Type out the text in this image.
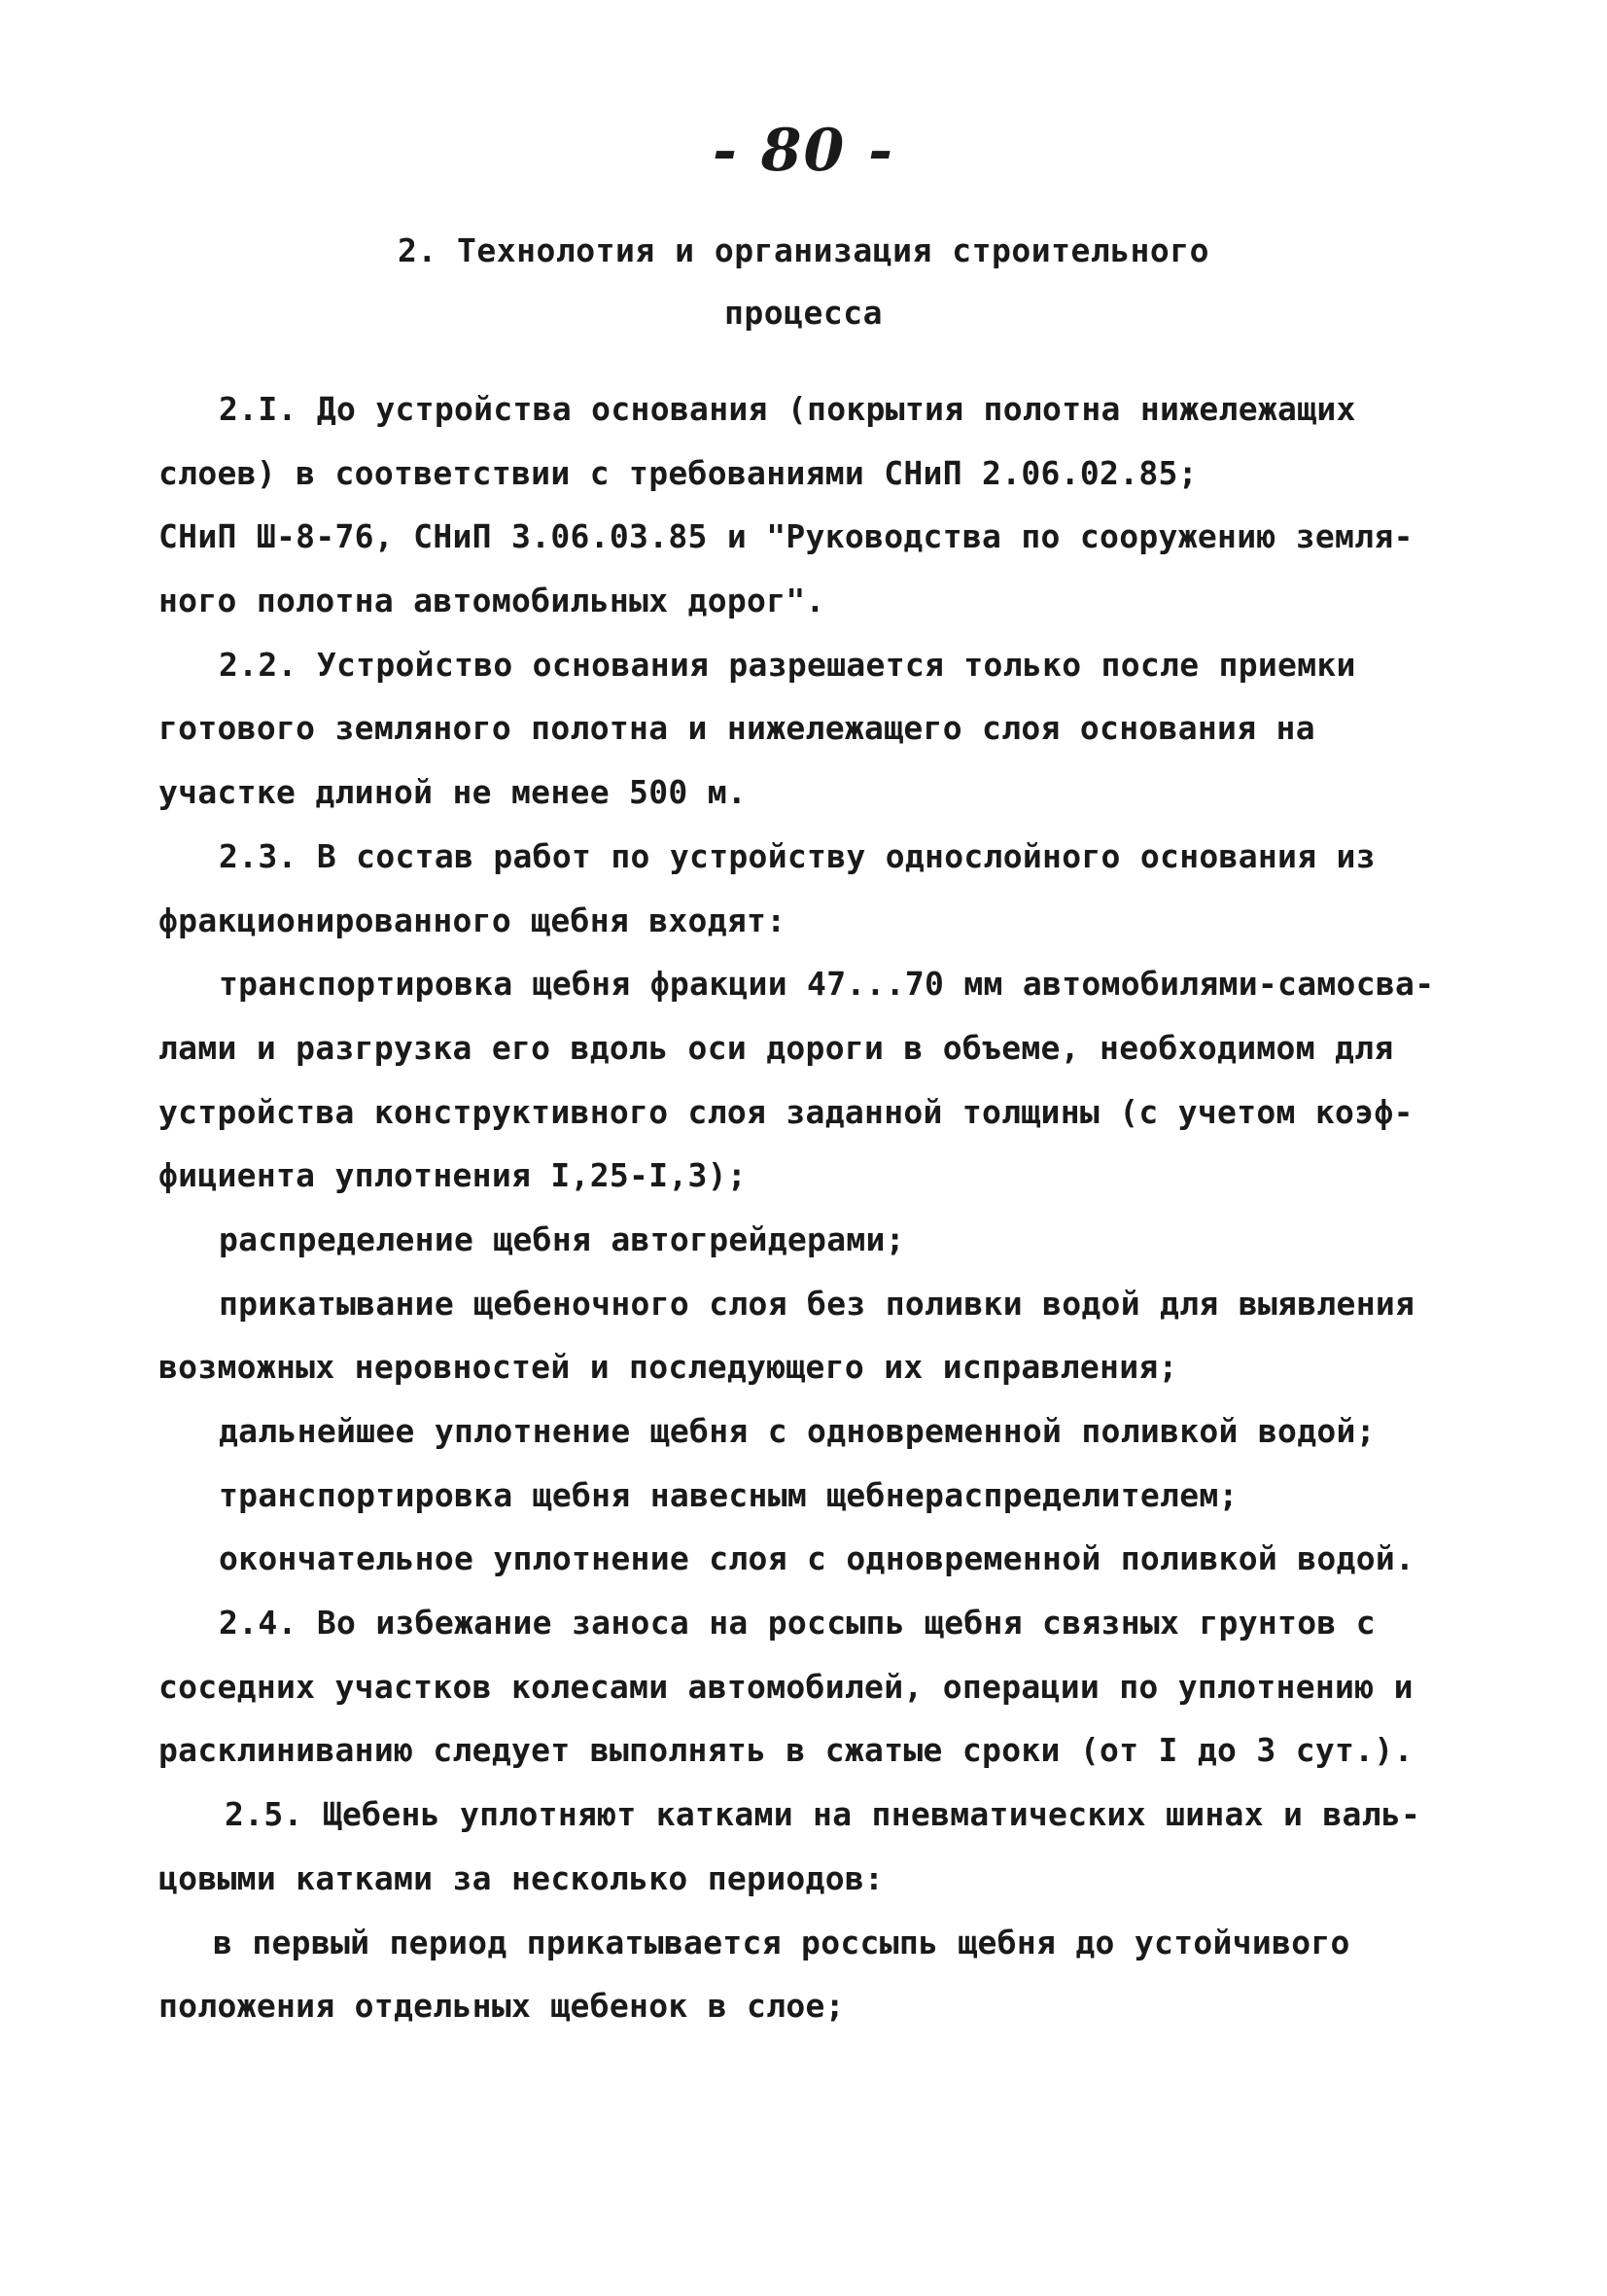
- 80 -
2. Технолотия и организация строительного
процесса
2.I. До устройства основания (покрытия полотна нижележащих
слоев) в соответствии с требованиями СНиП 2.06.02.85;
СНиП Ш-8-76, СНиП 3.06.03.85 и "Руководства по сооружению земля-
ного полотна автомобильных дорог".
2.2. Устройство основания разрешается только после приемки
готового земляного полотна и нижележащего слоя основания на
участке длиной не менее 500 м.
2.3. В состав работ по устройству однослойного основания из
фракционированного щебня входят:
транспортировка щебня фракции 47...70 мм автомобилями-самосва-
лами и разгрузка его вдоль оси дороги в объеме, необходимом для
устройства конструктивного слоя заданной толщины (с учетом коэф-
фициента уплотнения I,25-I,3);
распределение щебня автогрейдерами;
прикатывание щебеночного слоя без поливки водой для выявления
возможных неровностей и последующего их исправления;
дальнейшее уплотнение щебня с одновременной поливкой водой;
транспортировка щебня навесным щебнераспределителем;
окончательное уплотнение слоя с одновременной поливкой водой.
2.4. Во избежание заноса на россыпь щебня связных грунтов с
соседних участков колесами автомобилей, операции по уплотнению и
расклиниванию следует выполнять в сжатые сроки (от I до 3 сут.).
2.5. Щебень уплотняют катками на пневматических шинах и валь-
цовыми катками за несколько периодов:
в первый период прикатывается россыпь щебня до устойчивого
положения отдельных щебенок в слое;
